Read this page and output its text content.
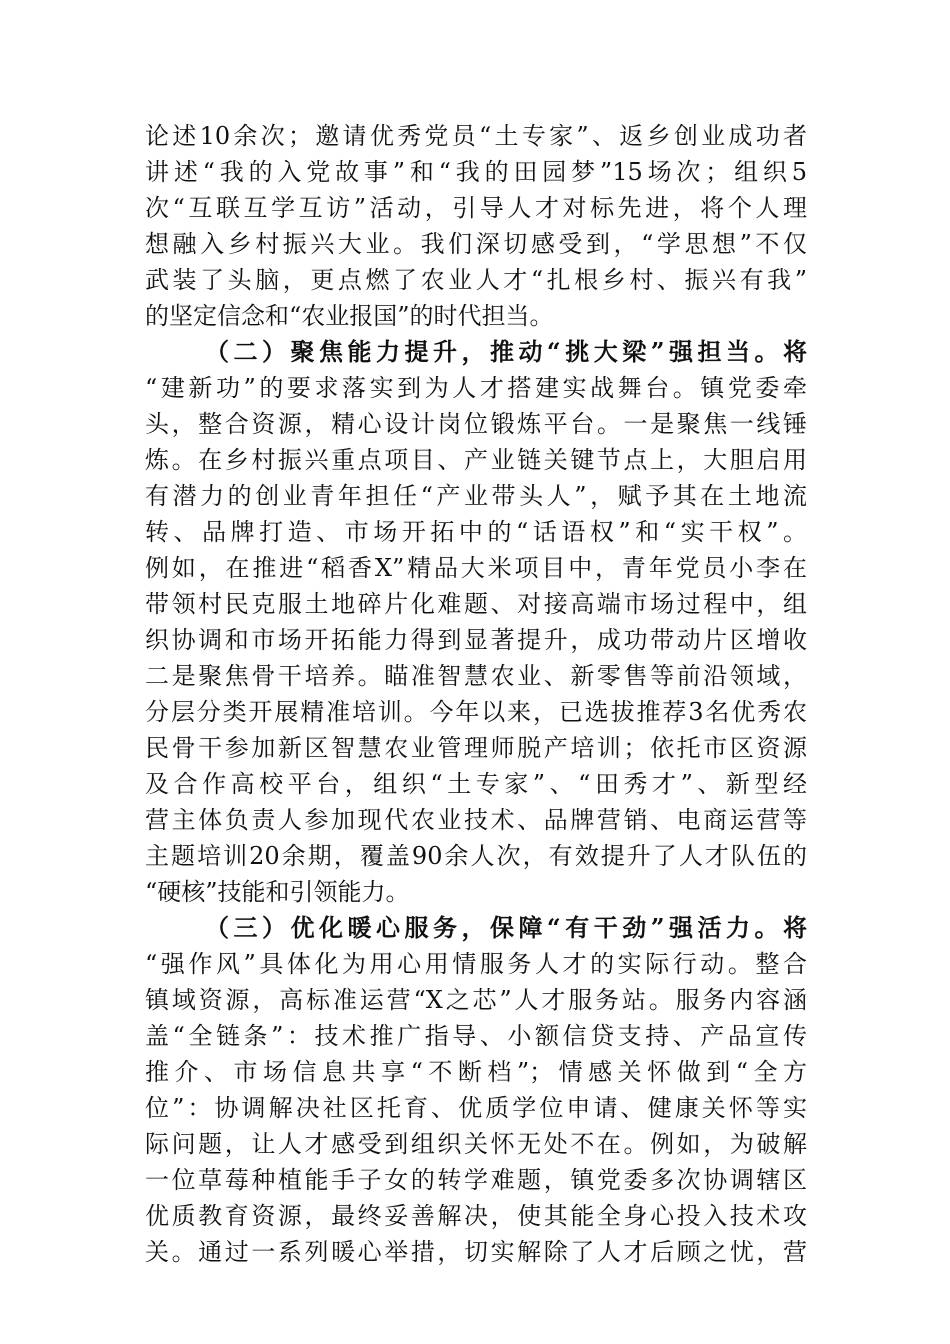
论述10余次；邀请优秀党员“土专家”、返乡创业成功者
讲述“我的入党故事”和“我的田园梦”15场次；组织5
次“互联互学互访”活动，引导人才对标先进，将个人理
想融入乡村振兴大业。我们深切感受到，“学思想”不仅
武装了头脑，更点燃了农业人才“扎根乡村、振兴有我”
的坚定信念和“农业报国”的时代担当。
（二）聚焦能力提升，推动“挑大梁”强担当。将
“建新功”的要求落实到为人才搭建实战舞台。镇党委牵
头，整合资源，精心设计岗位锻炼平台。一是聚焦一线锤
炼。在乡村振兴重点项目、产业链关键节点上，大胆启用
有潜力的创业青年担任“产业带头人”，赋予其在土地流
转、品牌打造、市场开拓中的“话语权”和“实干权”。
例如，在推进“稻香X”精品大米项目中，青年党员小李在
带领村民克服土地碎片化难题、对接高端市场过程中，组
织协调和市场开拓能力得到显著提升，成功带动片区增收
二是聚焦骨干培养。瞄准智慧农业、新零售等前沿领域，
分层分类开展精准培训。今年以来，已选拔推荐3名优秀农
民骨干参加新区智慧农业管理师脱产培训；依托市区资源
及合作高校平台，组织“土专家”、“田秀才”、新型经
营主体负责人参加现代农业技术、品牌营销、电商运营等
主题培训20余期，覆盖90余人次，有效提升了人才队伍的
“硬核”技能和引领能力。
（三）优化暖心服务，保障“有干劲”强活力。将
“强作风”具体化为用心用情服务人才的实际行动。整合
镇域资源，高标准运营“X之芯”人才服务站。服务内容涵
盖“全链条”：技术推广指导、小额信贷支持、产品宣传
推介、市场信息共享“不断档”；情感关怀做到“全方
位”：协调解决社区托育、优质学位申请、健康关怀等实
际问题，让人才感受到组织关怀无处不在。例如，为破解
一位草莓种植能手子女的转学难题，镇党委多次协调辖区
优质教育资源，最终妥善解决，使其能全身心投入技术攻
关。通过一系列暖心举措，切实解除了人才后顾之忧，营
